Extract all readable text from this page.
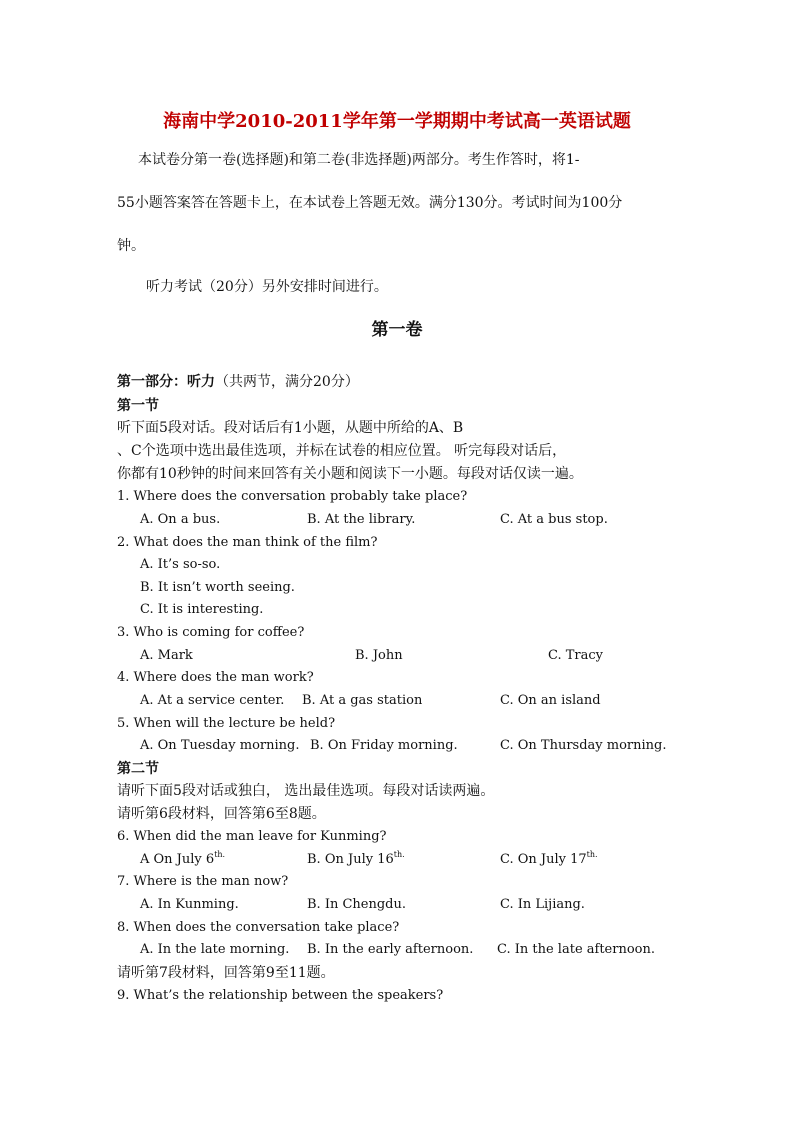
海南中学2010-2011学年第一学期期中考试高一英语试题
本试卷分第一卷(选择题)和第二卷(非选择题)两部分。考生作答时，将1-
55小题答案答在答题卡上，在本试卷上答题无效。满分130分。考试时间为100分
钟。
听力考试（20分）另外安排时间进行。
第一卷
第一部分：听力（共两节，满分20分）
第一节
听下面5段对话。段对话后有1小题，从题中所给的A、B
、C个选项中选出最佳选项，并标在试卷的相应位置。 听完每段对话后，
你都有10秒钟的时间来回答有关小题和阅读下一小题。每段对话仅读一遍。
1. Where does the conversation probably take place?
A. On a bus.	B. At the library.	C. At a bus stop.
2. What does the man think of the film?
A. It’s so-so.
B. It isn’t worth seeing.
C. It is interesting.
3. Who is coming for coffee?
A. Mark	B. John	C. Tracy
4. Where does the man work?
A. At a service center. B. At a gas station	C. On an island
5. When will the lecture be held?
A. On Tuesday morning. B. On Friday morning.	C. On Thursday morning.
第二节
请听下面5段对话或独白， 选出最佳选项。每段对话读两遍。
请听第6段材料，回答第6至8题。
6. When did the man leave for Kunming?
A On July $6^{th.}$	B. On July $16^{th.}$	C. On July $17^{th.}$
7. Where is the man now?
A. In Kunming.	B. In Chengdu.	C. In Lijiang.
8. When does the conversation take place?
A. In the late morning. B. In the early afternoon. C. In the late afternoon.
请听第7段材料，回答第9至11题。
9. What’s the relationship between the speakers?
